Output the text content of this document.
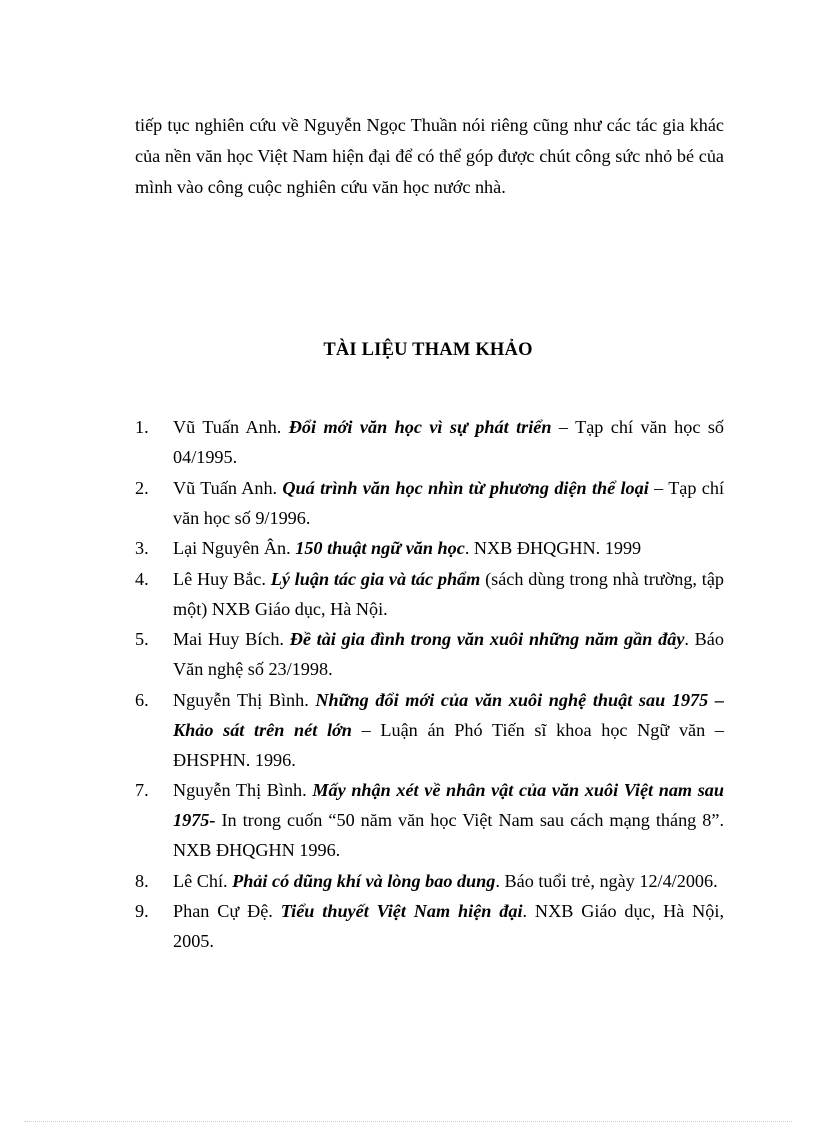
tiếp tục nghiên cứu về Nguyễn Ngọc Thuần nói riêng cũng như các tác gia khác của nền văn học Việt Nam hiện đại để có thể góp được chút công sức nhỏ bé của mình vào công cuộc nghiên cứu văn học nước nhà.

TÀI LIỆU THAM KHẢO
1. Vũ Tuấn Anh. Đổi mới văn học vì sự phát triển – Tạp chí văn học số 04/1995.
2. Vũ Tuấn Anh. Quá trình văn học nhìn từ phương diện thể loại – Tạp chí văn học số 9/1996.
3. Lại Nguyên Ân. 150 thuật ngữ văn học. NXB ĐHQGHN. 1999
4. Lê Huy Bắc. Lý luận tác gia và tác phẩm (sách dùng trong nhà trường, tập một) NXB Giáo dục, Hà Nội.
5. Mai Huy Bích. Đề tài gia đình trong văn xuôi những năm gần đây. Báo Văn nghệ số 23/1998.
6. Nguyễn Thị Bình. Những đổi mới của văn xuôi nghệ thuật sau 1975 – Khảo sát trên nét lớn – Luận án Phó Tiến sĩ khoa học Ngữ văn – ĐHSPHN. 1996.
7. Nguyễn Thị Bình. Mấy nhận xét về nhân vật của văn xuôi Việt nam sau 1975- In trong cuốn “50 năm văn học Việt Nam sau cách mạng tháng 8”. NXB ĐHQGHN 1996.
8. Lê Chí. Phải có dũng khí và lòng bao dung. Báo tuổi trẻ, ngày 12/4/2006.
9. Phan Cự Đệ. Tiểu thuyết Việt Nam hiện đại. NXB Giáo dục, Hà Nội, 2005.
